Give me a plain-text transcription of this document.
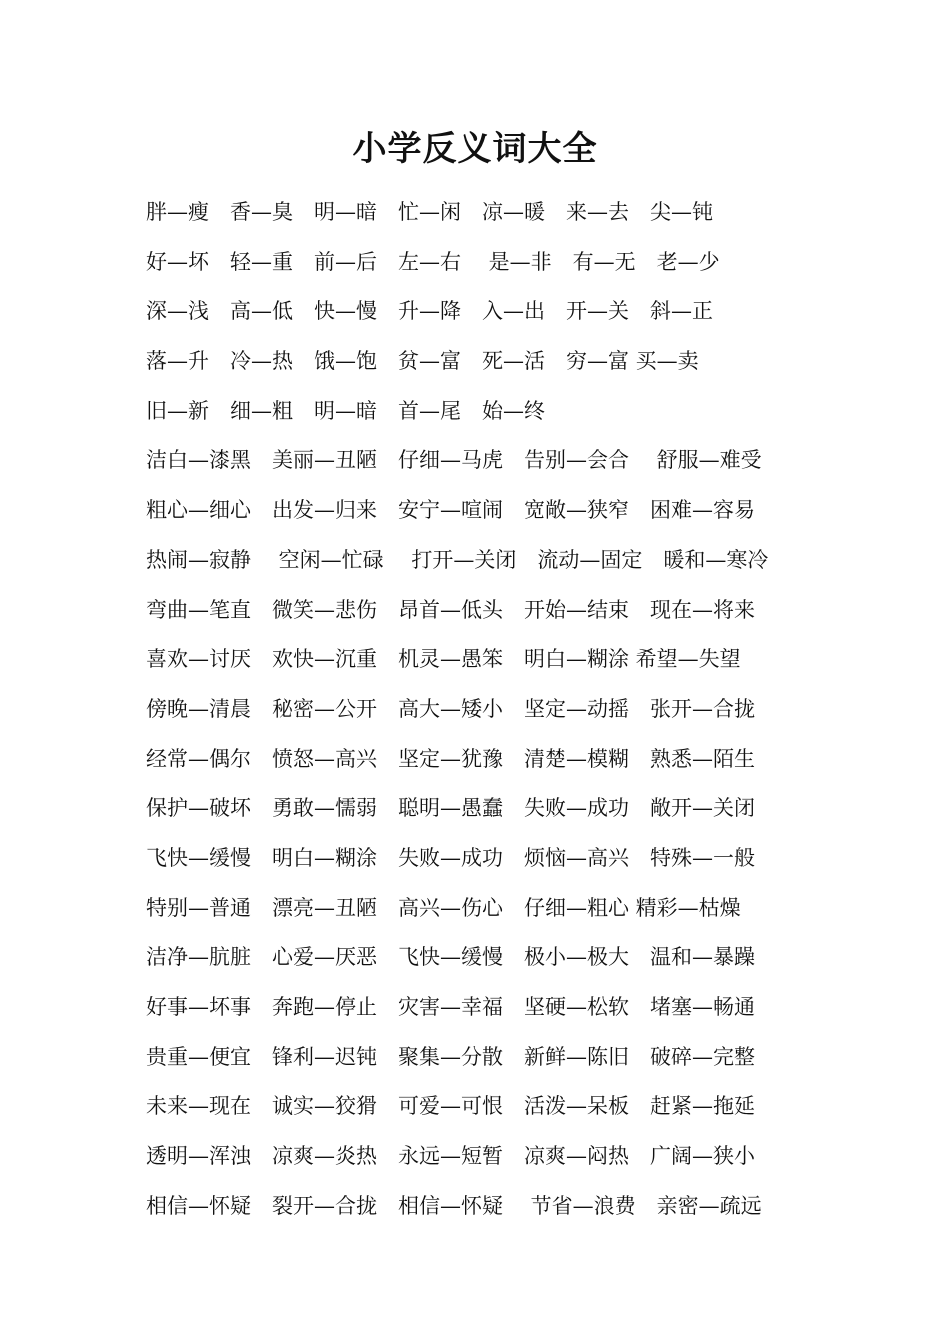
小学反义词大全
胖—瘦　香—臭　明—暗　忙—闲　凉—暖　来—去　尖—钝
好—坏　轻—重　前—后　左—右　 是—非　有—无　老—少
深—浅　高—低　快—慢　升—降　入—出　开—关　斜—正
落—升　冷—热　饿—饱　贫—富　死—活　穷—富 买—卖
旧—新　细—粗　明—暗　首—尾　始—终
洁白—漆黑　美丽—丑陋　仔细—马虎　告别—会合　 舒服—难受
粗心—细心　出发—归来　安宁—喧闹　宽敞—狭窄　困难—容易
热闹—寂静　 空闲—忙碌　 打开—关闭　流动—固定　暖和—寒冷
弯曲—笔直　微笑—悲伤　昂首—低头　开始—结束　现在—将来
喜欢—讨厌　欢快—沉重　机灵—愚笨　明白—糊涂 希望—失望
傍晚—清晨　秘密—公开　高大—矮小　坚定—动摇　张开—合拢
经常—偶尔　愤怒—高兴　坚定—犹豫　清楚—模糊　熟悉—陌生
保护—破坏　勇敢—懦弱　聪明—愚蠢　失败—成功　敞开—关闭
飞快—缓慢　明白—糊涂　失败—成功　烦恼—高兴　特殊—一般
特别—普通　漂亮—丑陋　高兴—伤心　仔细—粗心 精彩—枯燥
洁净—肮脏　心爱—厌恶　飞快—缓慢　极小—极大　温和—暴躁
好事—坏事　奔跑—停止　灾害—幸福　坚硬—松软　堵塞—畅通
贵重—便宜　锋利—迟钝　聚集—分散　新鲜—陈旧　破碎—完整
未来—现在　诚实—狡猾　可爱—可恨　活泼—呆板　赶紧—拖延
透明—浑浊　凉爽—炎热　永远—短暂　凉爽—闷热　广阔—狭小
相信—怀疑　裂开—合拢　相信—怀疑　 节省—浪费　亲密—疏远
